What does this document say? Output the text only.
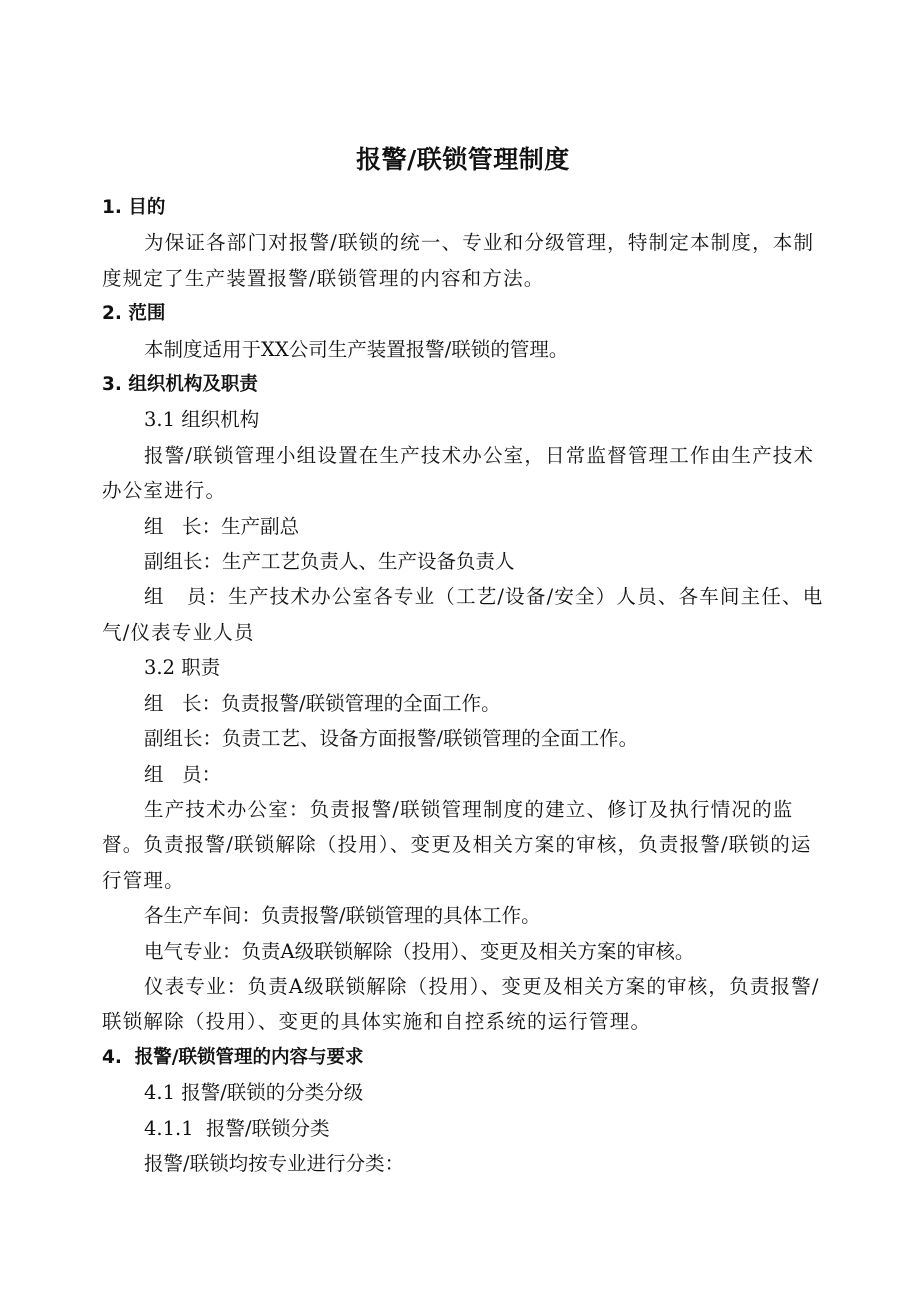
报警/联锁管理制度

1. 目的

为保证各部门对报警/联锁的统一、专业和分级管理，特制定本制度，本制度规定了生产装置报警/联锁管理的内容和方法。

2. 范围

本制度适用于XX公司生产装置报警/联锁的管理。

3. 组织机构及职责

3.1 组织机构

报警/联锁管理小组设置在生产技术办公室，日常监督管理工作由生产技术办公室进行。

组   长：生产副总

副组长：生产工艺负责人、生产设备负责人

组   员：生产技术办公室各专业（工艺/设备/安全）人员、各车间主任、电气/仪表专业人员

3.2 职责

组   长：负责报警/联锁管理的全面工作。

副组长：负责工艺、设备方面报警/联锁管理的全面工作。

组   员：

生产技术办公室：负责报警/联锁管理制度的建立、修订及执行情况的监督。负责报警/联锁解除（投用）、变更及相关方案的审核，负责报警/联锁的运行管理。

各生产车间：负责报警/联锁管理的具体工作。

电气专业：负责A级联锁解除（投用）、变更及相关方案的审核。

仪表专业：负责A级联锁解除（投用）、变更及相关方案的审核，负责报警/联锁解除（投用）、变更的具体实施和自控系统的运行管理。

4.  报警/联锁管理的内容与要求

4.1 报警/联锁的分类分级

4.1.1  报警/联锁分类

报警/联锁均按专业进行分类：
